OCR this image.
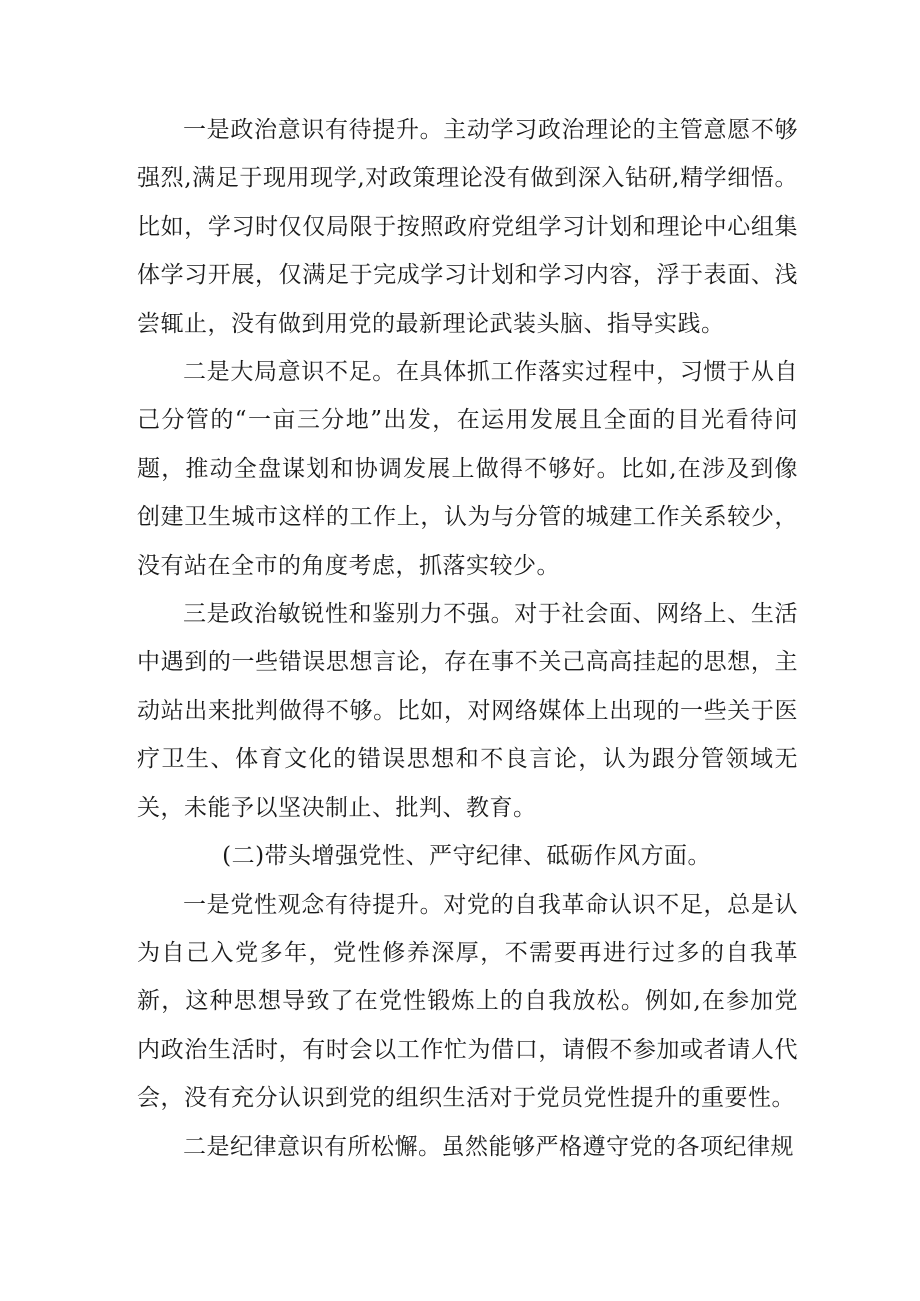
一是政治意识有待提升。主动学习政治理论的主管意愿不够强烈,满足于现用现学,对政策理论没有做到深入钻研,精学细悟。比如，学习时仅仅局限于按照政府党组学习计划和理论中心组集体学习开展，仅满足于完成学习计划和学习内容，浮于表面、浅尝辄止，没有做到用党的最新理论武装头脑、指导实践。

二是大局意识不足。在具体抓工作落实过程中，习惯于从自己分管的“一亩三分地”出发，在运用发展且全面的目光看待问题，推动全盘谋划和协调发展上做得不够好。比如,在涉及到像创建卫生城市这样的工作上，认为与分管的城建工作关系较少，没有站在全市的角度考虑，抓落实较少。

三是政治敏锐性和鉴别力不强。对于社会面、网络上、生活中遇到的一些错误思想言论，存在事不关己高高挂起的思想，主动站出来批判做得不够。比如，对网络媒体上出现的一些关于医疗卫生、体育文化的错误思想和不良言论，认为跟分管领域无关，未能予以坚决制止、批判、教育。

(二)带头增强党性、严守纪律、砥砺作风方面。

一是党性观念有待提升。对党的自我革命认识不足，总是认为自己入党多年，党性修养深厚，不需要再进行过多的自我革新，这种思想导致了在党性锻炼上的自我放松。例如,在参加党内政治生活时，有时会以工作忙为借口，请假不参加或者请人代会，没有充分认识到党的组织生活对于党员党性提升的重要性。

二是纪律意识有所松懈。虽然能够严格遵守党的各项纪律规
